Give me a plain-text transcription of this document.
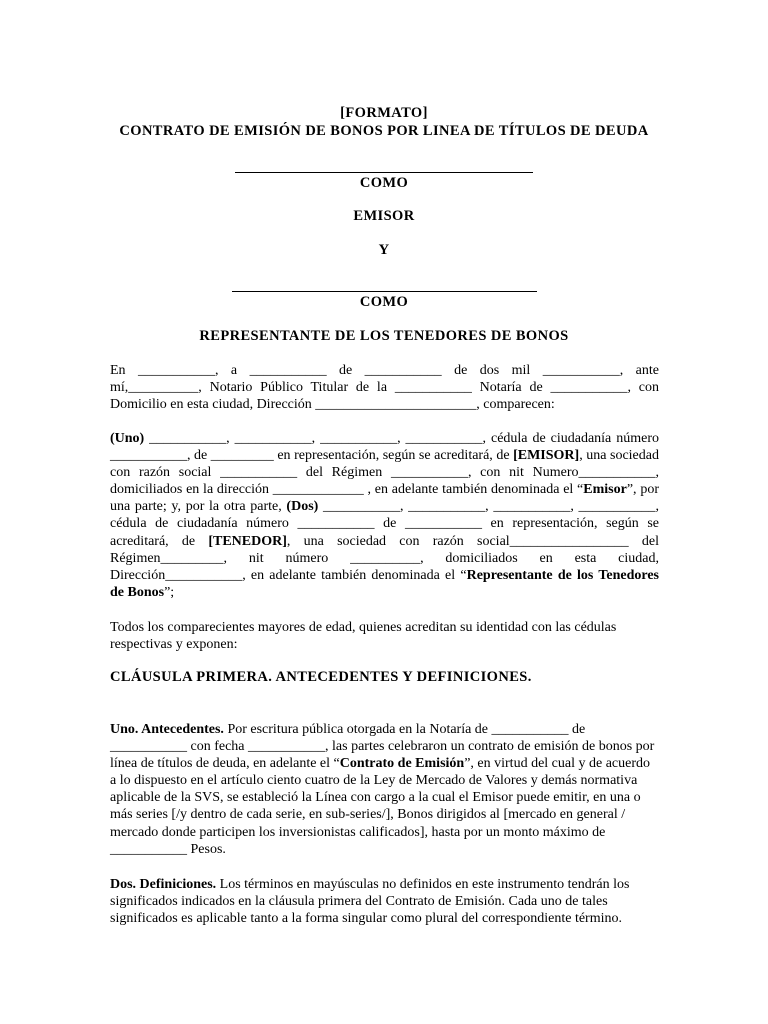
[FORMATO]
CONTRATO DE EMISIÓN DE BONOS POR LINEA DE TÍTULOS DE DEUDA
COMO
EMISOR
Y
COMO
REPRESENTANTE DE LOS TENEDORES DE BONOS

En ___________, a ___________ de ___________ de dos mil ___________, ante mí,__________, Notario Público Titular de la ___________ Notaría de ___________, con Domicilio en esta ciudad, Dirección _______________________, comparecen:

(Uno) ___________, ___________, ___________, ___________, cédula de ciudadanía número ___________, de _________ en representación, según se acreditará, de [EMISOR], una sociedad con razón social ___________ del Régimen ___________, con nit Numero___________, domiciliados en la dirección _____________ , en adelante también denominada el “Emisor”, por una parte; y, por la otra parte, (Dos) ___________, ___________, ___________, ___________, cédula de ciudadanía número ___________ de ___________ en representación, según se acreditará, de [TENEDOR], una sociedad con razón social_________________ del Régimen_________, nit número __________, domiciliados en esta ciudad, Dirección___________, en adelante también denominada el “Representante de los Tenedores de Bonos”;

Todos los comparecientes mayores de edad, quienes acreditan su identidad con las cédulas respectivas y exponen:

CLÁUSULA PRIMERA. ANTECEDENTES Y DEFINICIONES.

Uno. Antecedentes. Por escritura pública otorgada en la Notaría de ___________ de ___________ con fecha ___________, las partes celebraron un contrato de emisión de bonos por línea de títulos de deuda, en adelante el “Contrato de Emisión”, en virtud del cual y de acuerdo a lo dispuesto en el artículo ciento cuatro de la Ley de Mercado de Valores y demás normativa aplicable de la SVS, se estableció la Línea con cargo a la cual el Emisor puede emitir, en una o más series [/y dentro de cada serie, en sub-series/], Bonos dirigidos al [mercado en general / mercado donde participen los inversionistas calificados], hasta por un monto máximo de ___________ Pesos.

Dos. Definiciones. Los términos en mayúsculas no definidos en este instrumento tendrán los significados indicados en la cláusula primera del Contrato de Emisión. Cada uno de tales significados es aplicable tanto a la forma singular como plural del correspondiente término.
